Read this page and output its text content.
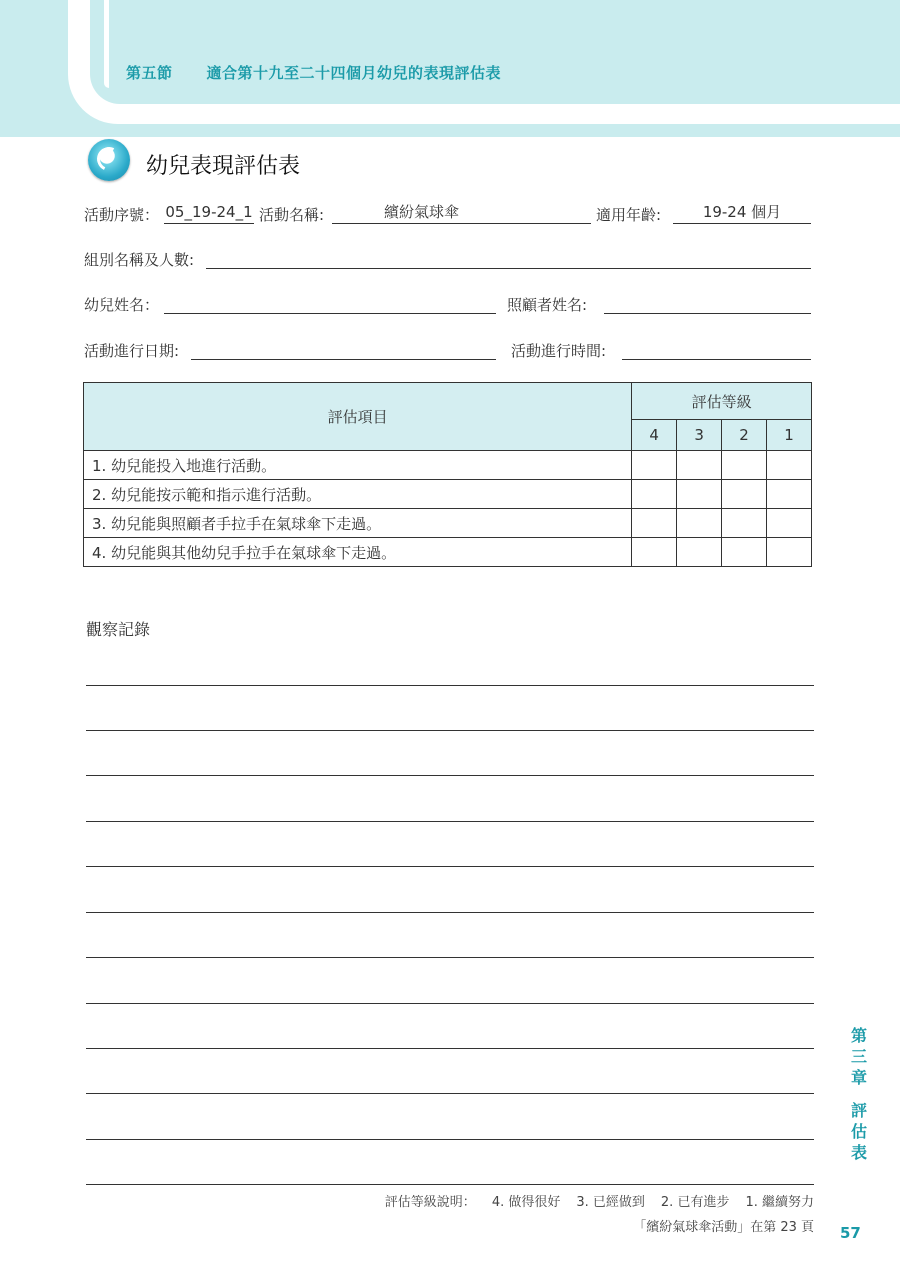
第五節 適合第十九至二十四個月幼兒的表現評估表
幼兒表現評估表
活動序號： 05_19-24_1 活動名稱:	繽紛氣球傘	適用年齡:	19-24 個月
組別名稱及人數:
幼兒姓名：	照顧者姓名:
活動進行日期:	活動進行時間:
評估項目	評估等級			
	4	3	2	1
1. 幼兒能投入地進行活動。				
2. 幼兒能按示範和指示進行活動。				
3. 幼兒能與照顧者手拉手在氣球傘下走過。				
4. 幼兒能與其他幼兒手拉手在氣球傘下走過。				
觀察記錄
第
三
章
評
估
表
評估等級說明： 4. 做得很好 3. 已經做到 2. 已有進步 1. 繼續努力
「繽紛氣球傘活動」在第 23 頁 57
